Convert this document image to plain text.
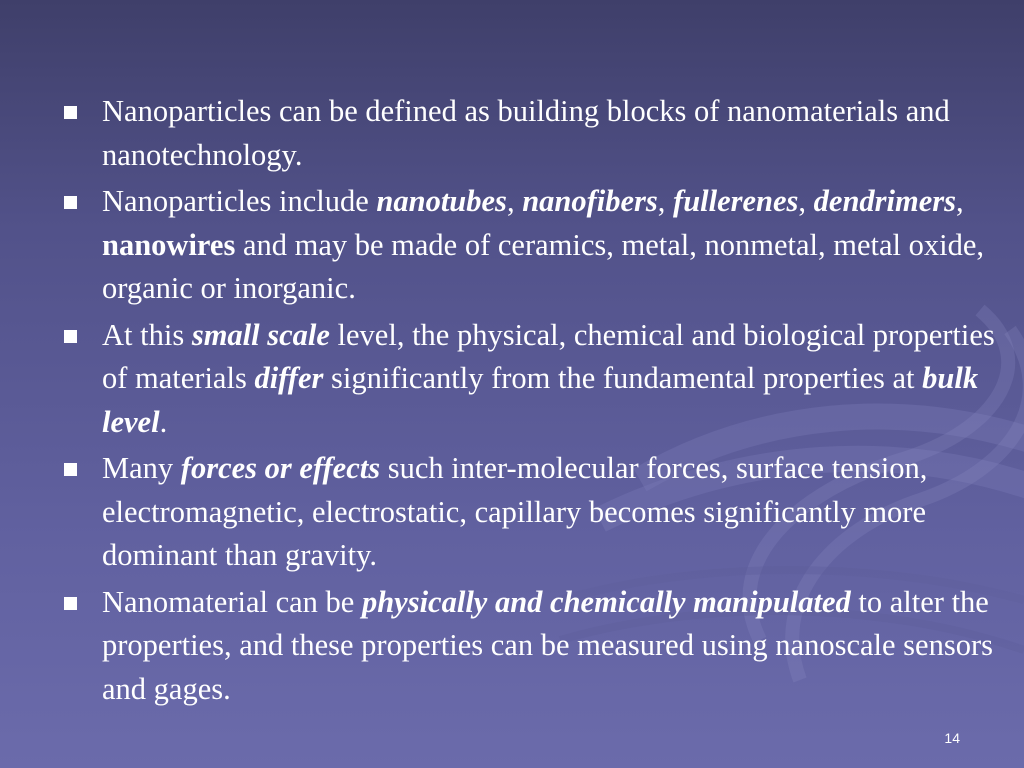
Nanoparticles can be defined as building blocks of nanomaterials and nanotechnology.
Nanoparticles include nanotubes, nanofibers, fullerenes, dendrimers, nanowires and may be made of ceramics, metal, nonmetal, metal oxide, organic or inorganic.
At this small scale level, the physical, chemical and biological properties of materials differ significantly from the fundamental properties at bulk level.
Many forces or effects such inter-molecular forces, surface tension, electromagnetic, electrostatic, capillary becomes significantly more dominant than gravity.
Nanomaterial can be physically and chemically manipulated to alter the properties, and these properties can be measured using nanoscale sensors and gages.
14
